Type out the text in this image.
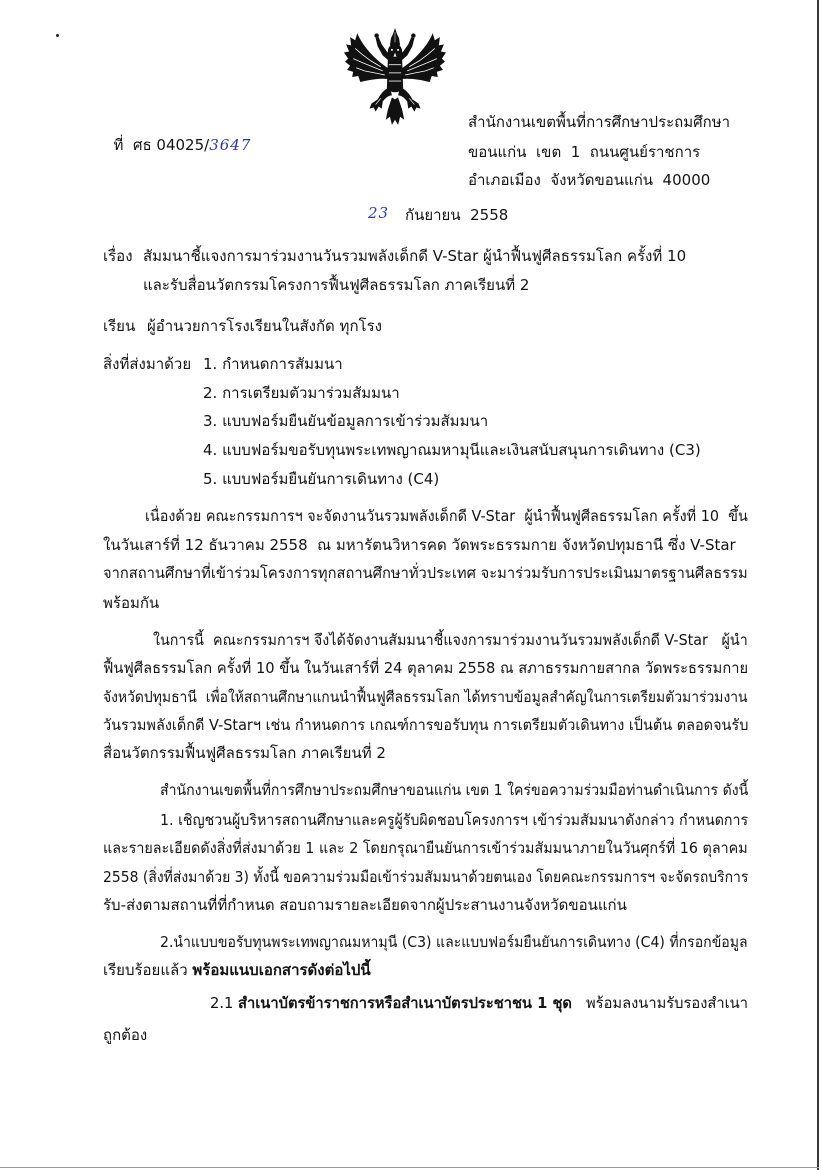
ที่ ศธ 04025/3647

สำนักงานเขตพื้นที่การศึกษาประถมศึกษา
ขอนแก่น  เขต  1  ถนนศูนย์ราชการ
อำเภอเมือง  จังหวัดขอนแก่น  40000
23 กันยายน  2558
เรื่อง สัมมนาชี้แจงการมาร่วมงานวันรวมพลังเด็กดี V-Star ผู้นำฟื้นฟูศีลธรรมโลก ครั้งที่ 10
และรับสื่อนวัตกรรมโครงการฟื้นฟูศีลธรรมโลก ภาคเรียนที่ 2
เรียน ผู้อำนวยการโรงเรียนในสังกัด ทุกโรง
สิ่งที่ส่งมาด้วย 1. กำหนดการสัมมนา
2. การเตรียมตัวมาร่วมสัมมนา
3. แบบฟอร์มยืนยันข้อมูลการเข้าร่วมสัมมนา
4. แบบฟอร์มขอรับทุนพระเทพญาณมหามุนีและเงินสนับสนุนการเดินทาง (C3)
5. แบบฟอร์มยืนยันการเดินทาง (C4)
เนื่องด้วย คณะกรรมการฯ จะจัดงานวันรวมพลังเด็กดี V-Star  ผู้นำฟื้นฟูศีลธรรมโลก ครั้งที่ 10  ขึ้น
ในวันเสาร์ที่ 12 ธันวาคม 2558  ณ มหารัตนวิหารคด วัดพระธรรมกาย จังหวัดปทุมธานี ซึ่ง V-Star
จากสถานศึกษาที่เข้าร่วมโครงการทุกสถานศึกษาทั่วประเทศ จะมาร่วมรับการประเมินมาตรฐานศีลธรรม
พร้อมกัน
ในการนี้  คณะกรรมการฯ จึงได้จัดงานสัมมนาชี้แจงการมาร่วมงานวันรวมพลังเด็กดี V-Star   ผู้นำ
ฟื้นฟูศีลธรรมโลก ครั้งที่ 10 ขึ้น ในวันเสาร์ที่ 24 ตุลาคม 2558 ณ สภาธรรมกายสากล วัดพระธรรมกาย
จังหวัดปทุมธานี  เพื่อให้สถานศึกษาแกนนำฟื้นฟูศีลธรรมโลก ได้ทราบข้อมูลสำคัญในการเตรียมตัวมาร่วมงาน
วันรวมพลังเด็กดี V-Starฯ เช่น กำหนดการ เกณฑ์การขอรับทุน การเตรียมตัวเดินทาง เป็นต้น ตลอดจนรับ
สื่อนวัตกรรมฟื้นฟูศีลธรรมโลก ภาคเรียนที่ 2
สำนักงานเขตพื้นที่การศึกษาประถมศึกษาขอนแก่น เขต 1 ใคร่ขอความร่วมมือท่านดำเนินการ ดังนี้
1. เชิญชวนผู้บริหารสถานศึกษาและครูผู้รับผิดชอบโครงการฯ เข้าร่วมสัมมนาดังกล่าว กำหนดการ
และรายละเอียดดังสิ่งที่ส่งมาด้วย 1 และ 2 โดยกรุณายืนยันการเข้าร่วมสัมมนาภายในวันศุกร์ที่ 16 ตุลาคม
2558 (สิ่งที่ส่งมาด้วย 3) ทั้งนี้ ขอความร่วมมือเข้าร่วมสัมมนาด้วยตนเอง โดยคณะกรรมการฯ จะจัดรถบริการ
รับ-ส่งตามสถานที่ที่กำหนด สอบถามรายละเอียดจากผู้ประสานงานจังหวัดขอนแก่น
2.นำแบบขอรับทุนพระเทพญาณมหามุนี (C3) และแบบฟอร์มยืนยันการเดินทาง (C4) ที่กรอกข้อมูล
เรียบร้อยแล้ว พร้อมแนบเอกสารดังต่อไปนี้
2.1 สำเนาบัตรข้าราชการหรือสำเนาบัตรประชาชน 1 ชุด   พร้อมลงนามรับรองสำเนา
ถูกต้อง
